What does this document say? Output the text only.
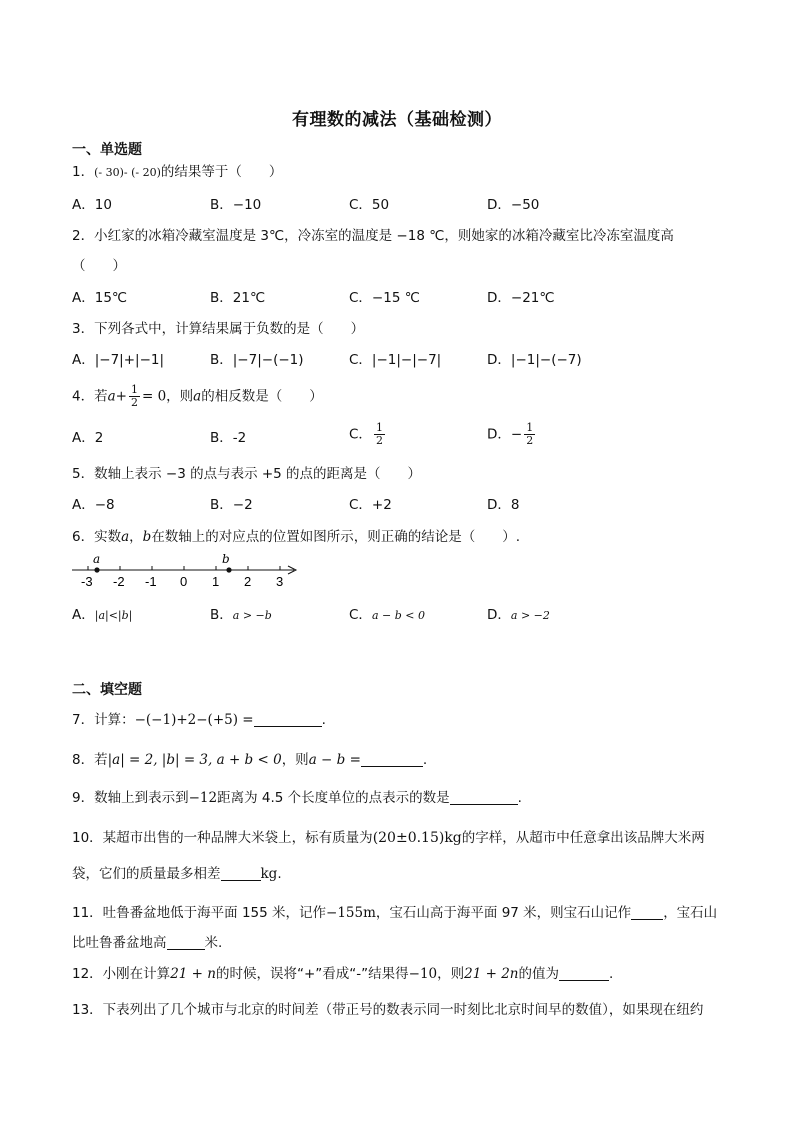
有理数的减法（基础检测）
一、单选题
1．(- 30)- (- 20)的结果等于（　　）
A．10	B．−10	C．50	D．−50
2．小红家的冰箱冷藏室温度是 3℃，冷冻室的温度是 −18 ℃，则她家的冰箱冷藏室比冷冻室温度高
（　　）
A．15℃	B．21℃	C．−15 ℃	D．−21℃
3．下列各式中，计算结果属于负数的是（　　）
A．|−7|+|−1|	B．|−7|−(−1)	C．|−1|−|−7|	D．|−1|−(−7)
4．若$a+ \frac{1}{2} = 0$，则a的相反数是（　　）
A．2	B．-2	C． $\frac{1}{2}$	D．− $\frac{1}{2}$
5．数轴上表示 −3 的点与表示 +5 的点的距离是（　　）
A．−8	B．−2	C．+2	D．8
6．实数a，b在数轴上的对应点的位置如图所示，则正确的结论是（　　）.
a	b
-3 -2 -1 0 1 2 3
A．|a|<|b|	B．a > −b	C．a − b < 0	D．a > −2
二、填空题
7．计算：−(−1)+2−(+5) =	.
8．若|a| = 2, |b| = 3, a + b < 0，则a − b =	.
9．数轴上到表示到−12距离为 4.5 个长度单位的点表示的数是	.
10．某超市出售的一种品牌大米袋上，标有质量为(20±0.15)kg的字样，从超市中任意拿出该品牌大米两
袋，它们的质量最多相差	kg.
11．吐鲁番盆地低于海平面 155 米，记作−155m，宝石山高于海平面 97 米，则宝石山记作 ，宝石山
比吐鲁番盆地高	米.
12．小刚在计算21 + n的时候，误将“+”看成“-”结果得−10，则21 + 2n的值为	.
13．下表列出了几个城市与北京的时间差（带正号的数表示同一时刻比北京时间早的数值），如果现在纽约
